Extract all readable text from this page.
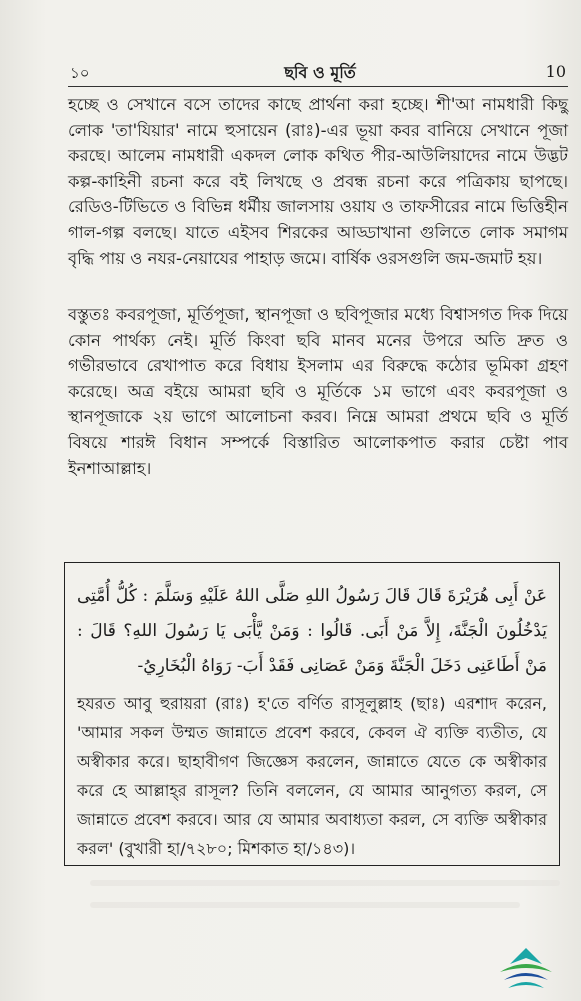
১০	ছবি ও মূর্তি	10

হচ্ছে ও সেখানে বসে তাদের কাছে প্রার্থনা করা হচ্ছে। শী'আ নামধারী কিছু লোক 'তা'যিয়ার' নামে হুসায়েন (রাঃ)-এর ভূয়া কবর বানিয়ে সেখানে পূজা করছে। আলেম নামধারী একদল লোক কথিত পীর-আউলিয়াদের নামে উদ্ভট কল্প-কাহিনী রচনা করে বই লিখছে ও প্রবন্ধ রচনা করে পত্রিকায় ছাপছে। রেডিও-টিভিতে ও বিভিন্ন ধর্মীয় জালসায় ওয়ায ও তাফসীরের নামে ভিত্তিহীন গাল-গল্প বলছে। যাতে এইসব শিরকের আড্ডাখানা গুলিতে লোক সমাগম বৃদ্ধি পায় ও নযর-নেয়াযের পাহাড় জমে। বার্ষিক ওরসগুলি জম-জমাট হয়।

বস্তুতঃ কবরপূজা, মূর্তিপূজা, স্থানপূজা ও ছবিপূজার মধ্যে বিশ্বাসগত দিক দিয়ে কোন পার্থক্য নেই। মূর্তি কিংবা ছবি মানব মনের উপরে অতি দ্রুত ও গভীরভাবে রেখাপাত করে বিধায় ইসলাম এর বিরুদ্ধে কঠোর ভূমিকা গ্রহণ করেছে। অত্র বইয়ে আমরা ছবি ও মূর্তিকে ১ম ভাগে এবং কবরপূজা ও স্থানপূজাকে ২য় ভাগে আলোচনা করব। নিম্নে আমরা প্রথমে ছবি ও মূর্তি বিষয়ে শারঈ বিধান সম্পর্কে বিস্তারিত আলোকপাত করার চেষ্টা পাব ইনশাআল্লাহ।

عَنْ أَبِى هُرَيْرَةَ قَالَ قَالَ رَسُولُ اللهِ صَلَّى اللهُ عَلَيْهِ وَسَلَّمَ : كُلُّ أُمَّتِى يَدْخُلُونَ الْجَنَّةَ، إِلاَّ مَنْ أَبَى. قَالُوا : وَمَنْ يَّأْبَى يَا رَسُولَ اللهِ؟ قَالَ : مَنْ أَطَاعَنِى دَخَلَ الْجَنَّةَ وَمَنْ عَصَانِى فَقَدْ أَبَ- رَوَاهُ الْبُخَارِيُ-

হযরত আবু হুরায়রা (রাঃ) হ'তে বর্ণিত রাসূলুল্লাহ (ছাঃ) এরশাদ করেন, 'আমার সকল উম্মত জান্নাতে প্রবেশ করবে, কেবল ঐ ব্যক্তি ব্যতীত, যে অস্বীকার করে। ছাহাবীগণ জিজ্ঞেস করলেন, জান্নাতে যেতে কে অস্বীকার করে হে আল্লাহ্‌র রাসূল? তিনি বললেন, যে আমার আনুগত্য করল, সে জান্নাতে প্রবেশ করবে। আর যে আমার অবাধ্যতা করল, সে ব্যক্তি অস্বীকার করল' (বুখারী হা/৭২৮০; মিশকাত হা/১৪৩)।
